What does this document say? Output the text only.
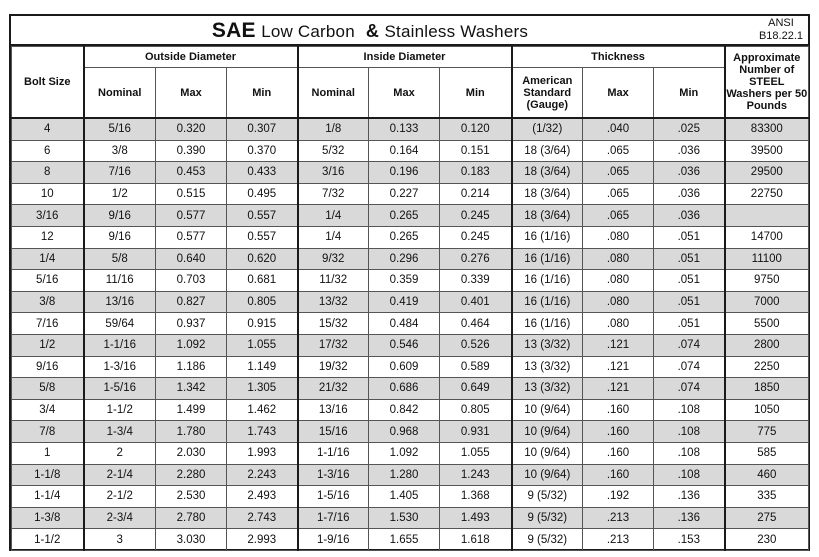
SAE Low Carbon & Stainless Washers	ANSI
B18.22.1
Bolt Size	Outside Diameter			Inside Diameter			Thickness			Approximate Number of STEEL Washers per 50 Pounds
	Nominal	Max	Min	Nominal	Max	Min	American Standard (Gauge)	Max	Min	
4	5/16	0.320	0.307	1/8	0.133	0.120	(1/32)	.040	.025	83300
6	3/8	0.390	0.370	5/32	0.164	0.151	18 (3/64)	.065	.036	39500
8	7/16	0.453	0.433	3/16	0.196	0.183	18 (3/64)	.065	.036	29500
10	1/2	0.515	0.495	7/32	0.227	0.214	18 (3/64)	.065	.036	22750
3/16	9/16	0.577	0.557	1/4	0.265	0.245	18 (3/64)	.065	.036	
12	9/16	0.577	0.557	1/4	0.265	0.245	16 (1/16)	.080	.051	14700
1/4	5/8	0.640	0.620	9/32	0.296	0.276	16 (1/16)	.080	.051	11100
5/16	11/16	0.703	0.681	11/32	0.359	0.339	16 (1/16)	.080	.051	9750
3/8	13/16	0.827	0.805	13/32	0.419	0.401	16 (1/16)	.080	.051	7000
7/16	59/64	0.937	0.915	15/32	0.484	0.464	16 (1/16)	.080	.051	5500
1/2	1-1/16	1.092	1.055	17/32	0.546	0.526	13 (3/32)	.121	.074	2800
9/16	1-3/16	1.186	1.149	19/32	0.609	0.589	13 (3/32)	.121	.074	2250
5/8	1-5/16	1.342	1.305	21/32	0.686	0.649	13 (3/32)	.121	.074	1850
3/4	1-1/2	1.499	1.462	13/16	0.842	0.805	10 (9/64)	.160	.108	1050
7/8	1-3/4	1.780	1.743	15/16	0.968	0.931	10 (9/64)	.160	.108	775
1	2	2.030	1.993	1-1/16	1.092	1.055	10 (9/64)	.160	.108	585
1-1/8	2-1/4	2.280	2.243	1-3/16	1.280	1.243	10 (9/64)	.160	.108	460
1-1/4	2-1/2	2.530	2.493	1-5/16	1.405	1.368	9 (5/32)	.192	.136	335
1-3/8	2-3/4	2.780	2.743	1-7/16	1.530	1.493	9 (5/32)	.213	.136	275
1-1/2	3	3.030	2.993	1-9/16	1.655	1.618	9 (5/32)	.213	.153	230
